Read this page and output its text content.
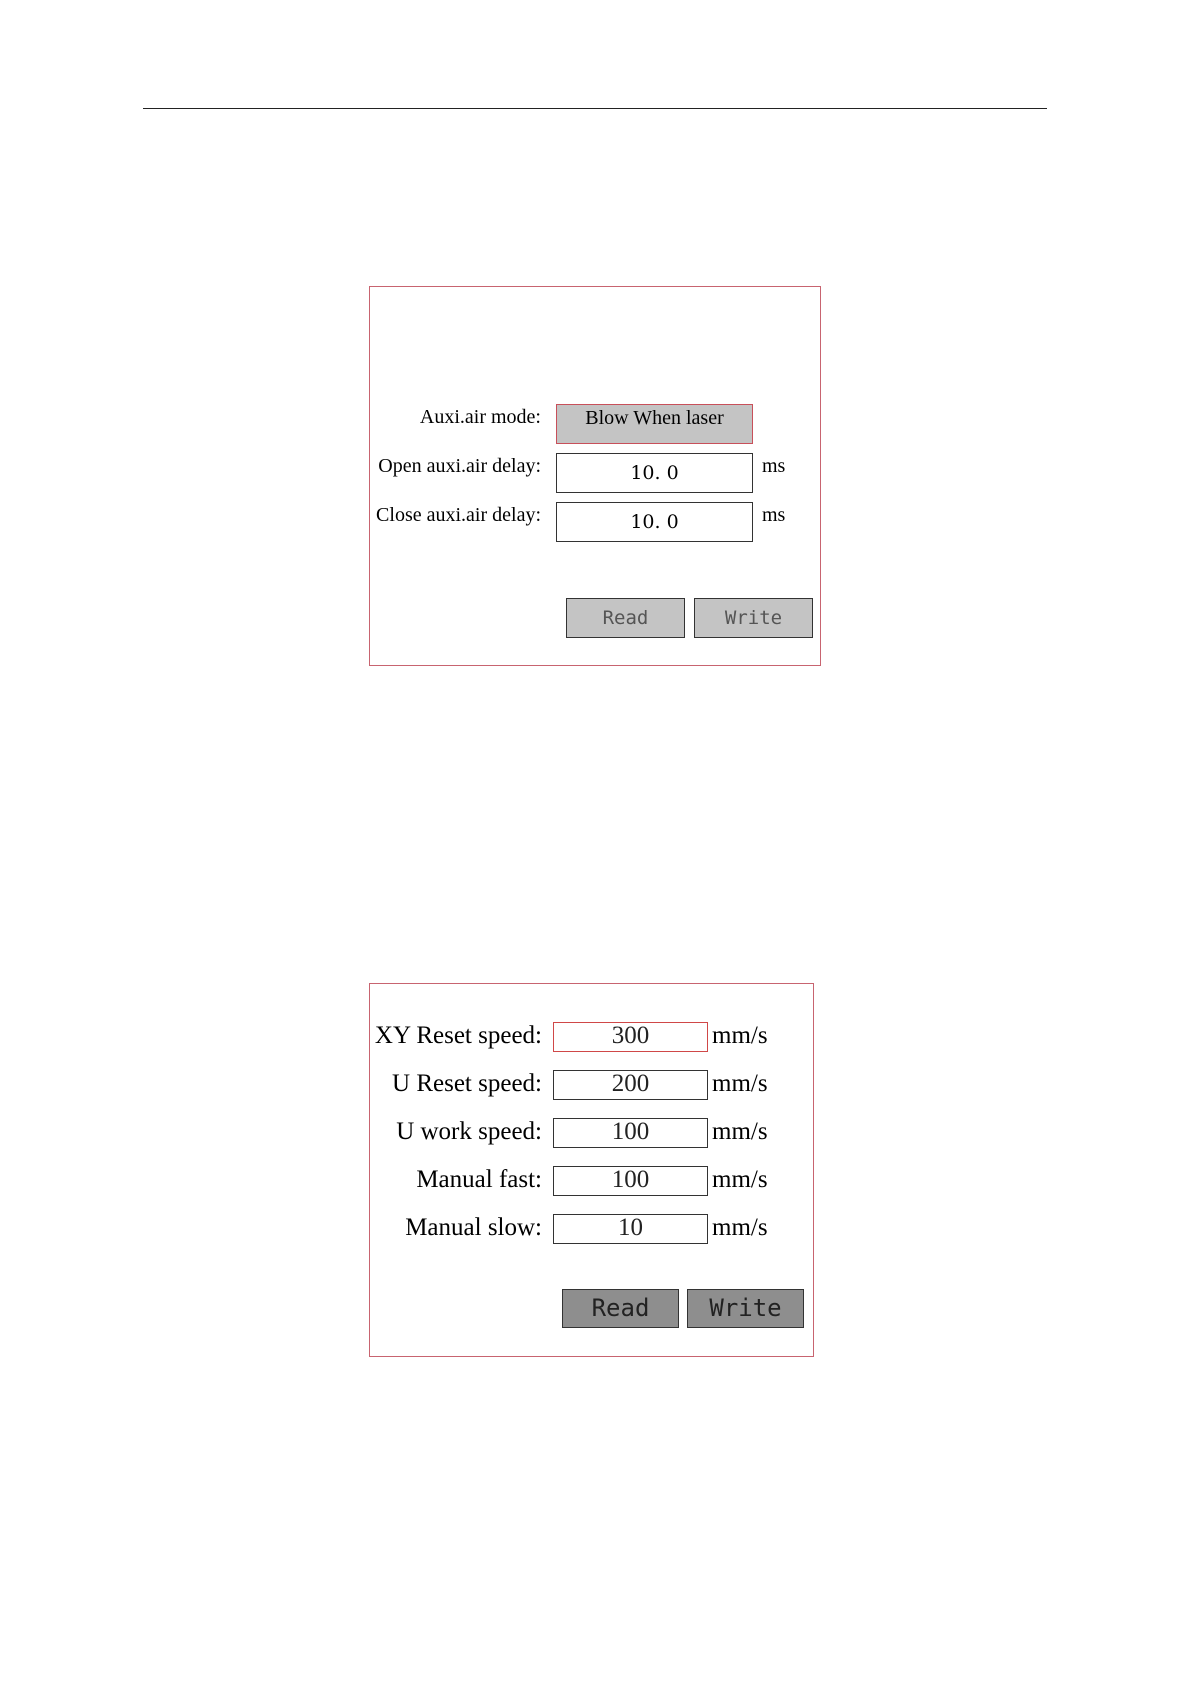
Auxi.air mode:	Blow When laser
Open auxi.air delay:	10. 0	ms
Close auxi.air delay:	10. 0	ms
Read	Write
XY Reset speed:	300	mm/s
U Reset speed:	200	mm/s
U work speed:	100	mm/s
Manual fast:	100	mm/s
Manual slow:	10	mm/s
Read	Write
